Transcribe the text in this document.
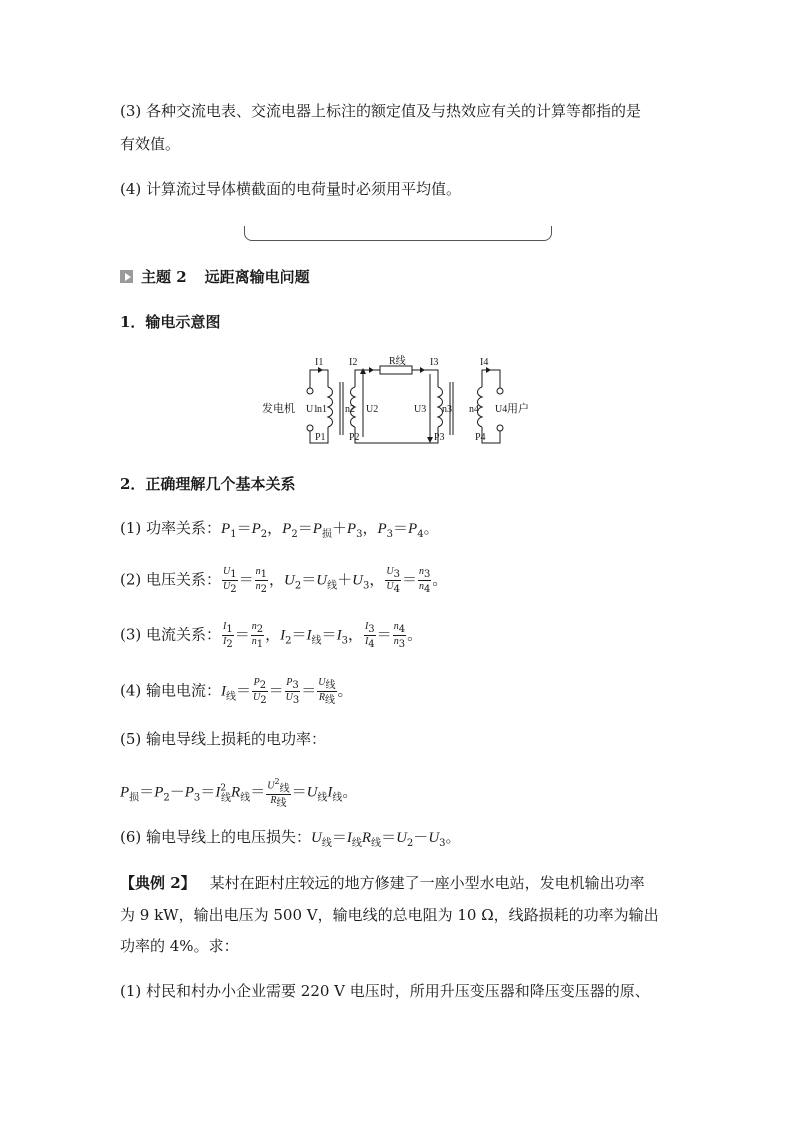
(3) 各种交流电表、交流电器上标注的额定值及与热效应有关的计算等都指的是
有效值。
(4) 计算流过导体横截面的电荷量时必须用平均值。
主题 2 远距离输电问题
1．输电示意图
发电机
I1	I2	R线 I3	I4
U1
n1 n2 U2	U3 n3 n4 U4 用户
P1 P2	P3	P4
2．正确理解几个基本关系
(1) 功率关系：$P_1=P_2$，$P_2=P_损+P_3$，$P_3=P_4$。
(2) 电压关系： $\frac{U_1}{U_2} = \frac{n_1}{n_2}$ ，$U_2=U_线+U_3$， $\frac{U_3}{U_4} = \frac{n_3}{n_4}$ 。
(3) 电流关系： $\frac{I_1}{I_2} = \frac{n_2}{n_1}$ ，$I_2=I_线=I_3$， $\frac{I_3}{I_4} = \frac{n_4}{n_3}$ 。
(4) 输电电流：$I_线= \frac{P_2}{U_2} = \frac{P_3}{U_3} = \frac{U_线}{R_线}$ 。
(5) 输电导线上损耗的电功率：
$P_损=P_2-P_3=I^2_线R_线= \frac{U^2_线}{R_线} =U_线I_线$。
(6) 输电导线上的电压损失：$U_线=I_线R_线=U_2-U_3$。
【典例 2】 某村在距村庄较远的地方修建了一座小型水电站，发电机输出功率
为 9 kW，输出电压为 500 V，输电线的总电阻为 10 Ω，线路损耗的功率为输出
功率的 4%。求：
(1) 村民和村办小企业需要 220 V 电压时，所用升压变压器和降压变压器的原、
